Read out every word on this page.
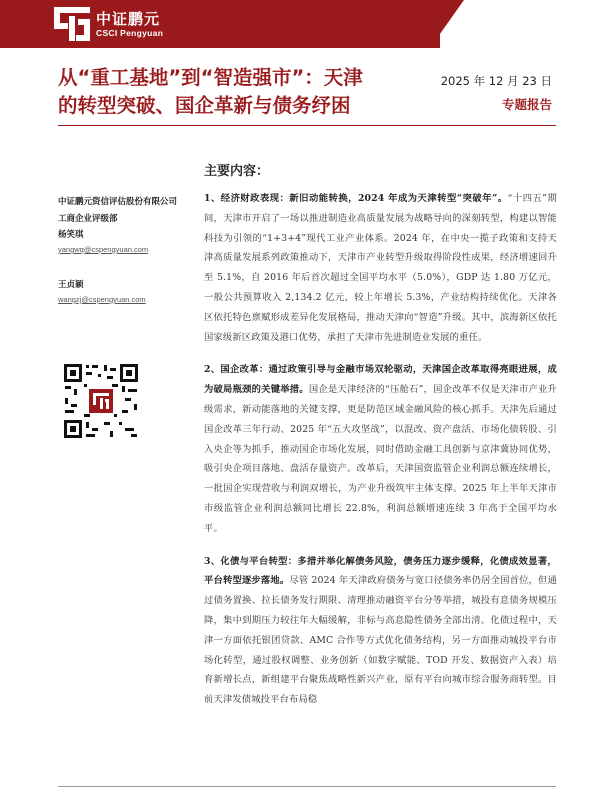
中证鹏元
CSCI Pengyuan
从“重工基地”到“智造强市”：天津
的转型突破、国企革新与债务纾困
2025 年 12 月 23 日
专题报告
中证鹏元资信评估股份有限公司
工商企业评级部
杨笑琪
yangwq@cspengyuan.com
王贞颖
wangzj@cspengyuan.com
主要内容：

1、经济财政表现：新旧动能转换，2024 年成为天津转型“突破年”。“十四五”期间，天津市开启了一场以推进制造业高质量发展为战略导向的深刻转型，构建以智能科技为引领的“1+3+4”现代工业产业体系。2024 年，在中央一揽子政策和支持天津高质量发展系列政策推动下，天津市产业转型升级取得阶段性成果，经济增速回升至 5.1%，自 2016 年后首次超过全国平均水平（5.0%），GDP 达 1.80 万亿元，一般公共预算收入 2,134.2 亿元，较上年增长 5.3%，产业结构持续优化。天津各区依托特色禀赋形成差异化发展格局，推动天津向“智造”升级。其中，滨海新区依托国家级新区政策及港口优势，承担了天津市先进制造业发展的重任。

2、国企改革：通过政策引导与金融市场双轮驱动，天津国企改革取得亮眼进展，成为破局瓶颈的关键举措。国企是天津经济的“压舱石”，国企改革不仅是天津市产业升级需求，新动能落地的关键支撑，更是防范区域金融风险的核心抓手。天津先后通过国企改革三年行动、2025 年“五大攻坚战”，以混改、资产盘活、市场化债转股、引入央企等为抓手，推动国企市场化发展，同时借助金融工具创新与京津冀协同优势，吸引央企项目落地、盘活存量资产。改革后，天津国资监管企业利润总额连续增长，一批国企实现营收与利润双增长，为产业升级筑牢主体支撑。2025 年上半年天津市市级监管企业利润总额同比增长 22.8%，利润总额增速连续 3 年高于全国平均水平。

3、化债与平台转型：多措并举化解债务风险，债务压力逐步缓释，化债成效显著，平台转型逐步落地。尽管 2024 年天津政府债务与宽口径债务率仍居全国首位，但通过债务置换、拉长债务发行期限、清理推动融资平台分等举措，城投有息债务规模压降，集中到期压力较往年大幅缓解，非标与高息隐性债务全部出清。化债过程中，天津一方面依托银团贷款、AMC 合作等方式优化债务结构，另一方面推动城投平台市场化转型，通过股权调整、业务创新（如数字赋能、TOD 开发、数据资产入表）培育新增长点，新组建平台聚焦战略性新兴产业，原有平台向城市综合服务商转型。目前天津发债城投平台布局稳
